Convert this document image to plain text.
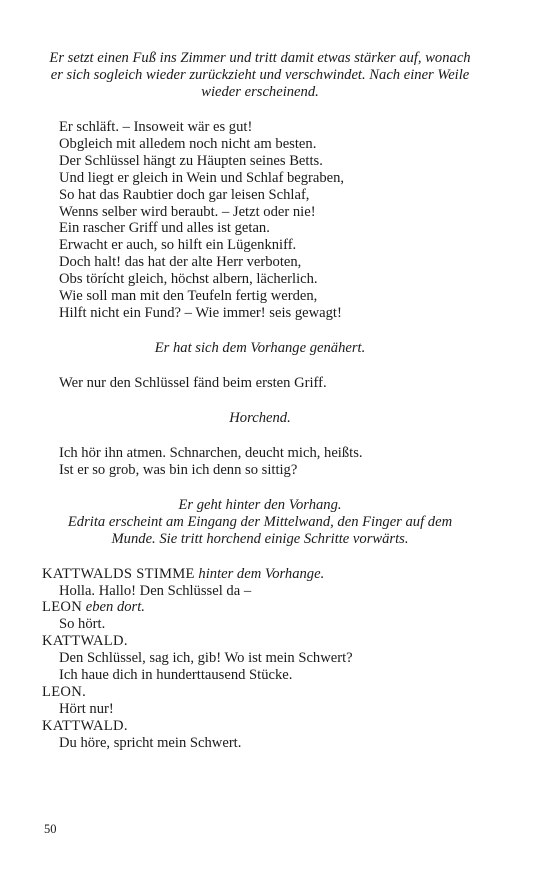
Er setzt einen Fuß ins Zimmer und tritt damit etwas stärker auf, wonach

er sich sogleich wieder zurückzieht und verschwindet. Nach einer Weile

wieder erscheinend.

Er schläft. – Insoweit wär es gut!
Obgleich mit alledem noch nicht am besten.
Der Schlüssel hängt zu Häupten seines Betts.
Und liegt er gleich in Wein und Schlaf begraben,
So hat das Raubtier doch gar leisen Schlaf,
Wenns selber wird beraubt. – Jetzt oder nie!
Ein rascher Griff und alles ist getan.
Erwacht er auch, so hilft ein Lügenkniff.
Doch halt! das hat der alte Herr verboten,
Obs törícht gleich, höchst albern, lächerlich.
Wie soll man mit den Teufeln fertig werden,
Hilft nicht ein Fund? – Wie immer! seis gewagt!

Er hat sich dem Vorhange genähert.

Wer nur den Schlüssel fänd beim ersten Griff.

Horchend.

Ich hör ihn atmen. Schnarchen, deucht mich, heißts.
Ist er so grob, was bin ich denn so sittig?

Er geht hinter den Vorhang.

Edrita erscheint am Eingang der Mittelwand, den Finger auf dem

Munde. Sie tritt horchend einige Schritte vorwärts.

KATTWALDS STIMME hinter dem Vorhange.

Holla. Hallo! Den Schlüssel da –

LEON eben dort.

So hört.

KATTWALD.

Den Schlüssel, sag ich, gib! Wo ist mein Schwert?
Ich haue dich in hunderttausend Stücke.

LEON.

Hört nur!

KATTWALD.

Du höre, spricht mein Schwert.
50
